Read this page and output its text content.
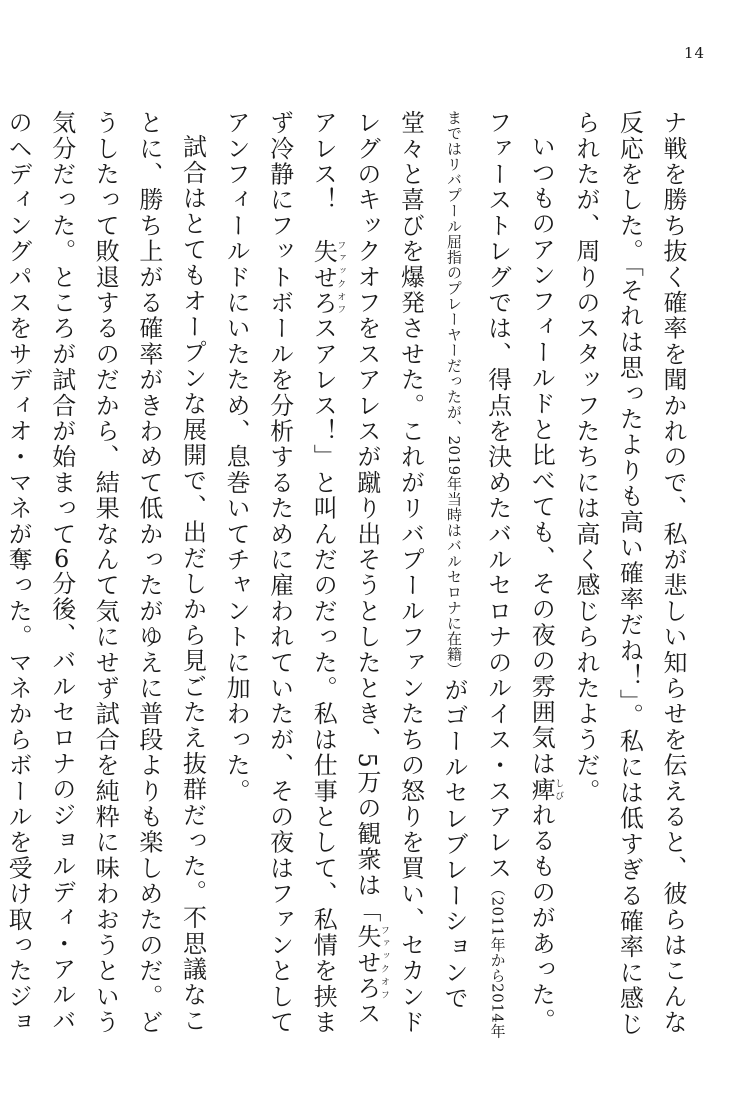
14

ナ戦を勝ち抜く確率を聞かれので、私が悲しい知らせを伝えると、彼らはこんな反応をした。「それは思ったよりも高い確率だね！」。私には低すぎる確率に感じられたが、周りのスタッフたちには高く感じられたようだ。

いつものアンフィールドと比べても、その夜の雰囲気は痺しびれるものがあった。ファーストレグでは、得点を決めたバルセロナのルイス・スアレス（2011年から2014年まではリバプール屈指のプレーヤーだったが、2019年当時はバルセロナに在籍）がゴールセレブレーションで堂々と喜びを爆発させた。これがリバプールファンたちの怒りを買い、セカンドレグのキックオフをスアレスが蹴り出そうとしたとき、5万の観衆は「失せろファックオフスアレス！　失せろファックオフスアレス！」と叫んだのだった。私は仕事として、私情を挟まず冷静にフットボールを分析するために雇われていたが、その夜はファンとしてアンフィールドにいたため、息巻いてチャントに加わった。

試合はとてもオープンな展開で、出だしから見ごたえ抜群だった。不思議なことに、勝ち上がる確率がきわめて低かったがゆえに普段よりも楽しめたのだ。どうしたって敗退するのだから、結果なんて気にせず試合を純粋に味わおうという気分だった。ところが試合が始まって6分後、バルセロナのジョルディ・アルバのヘディングパスをサディオ・マネが奪った。マネからボールを受け取ったジョ
